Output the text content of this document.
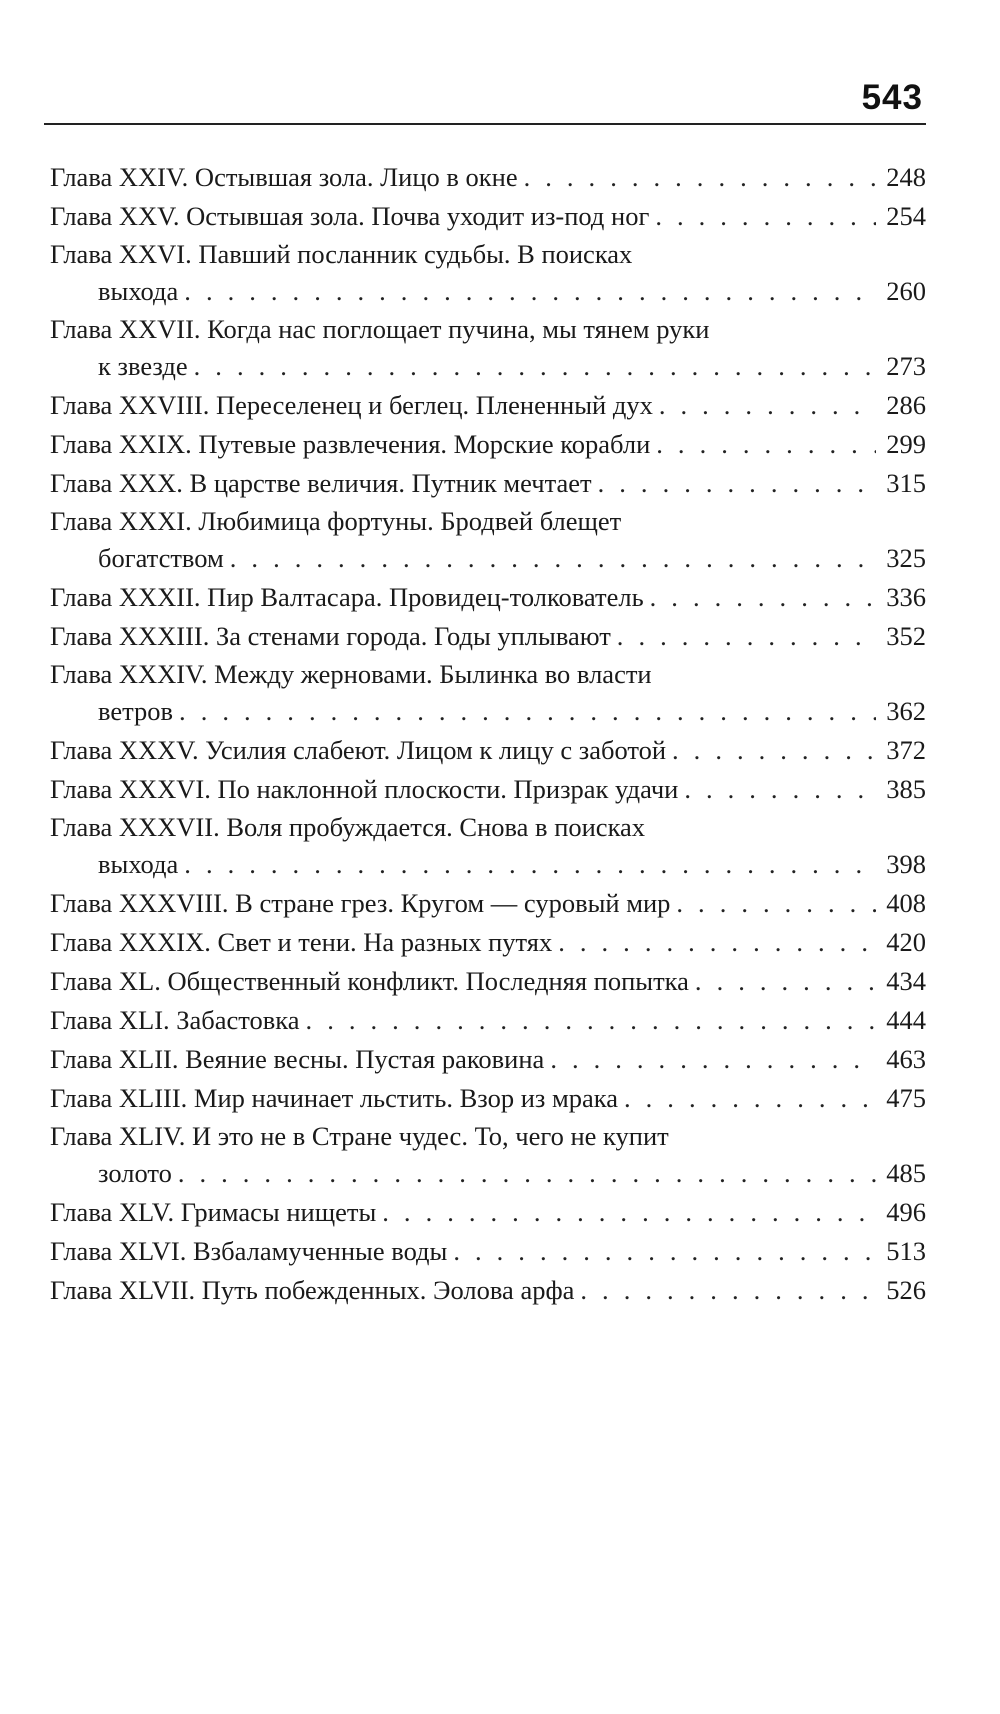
543
Глава XXIV. Остывшая зола. Лицо в окне . . .	248
Глава XXV. Остывшая зола. Почва уходит из-под ног . . .	254
Глава XXVI. Павший посланник судьбы. В поисках
выхода . . .	260
Глава XXVII. Когда нас поглощает пучина, мы тянем руки
к звезде . . .	273
Глава XXVIII. Переселенец и беглец. Плененный дух . . .	286
Глава XXIX. Путевые развлечения. Морские корабли . . .	299
Глава XXX. В царстве величия. Путник мечтает . . .	315
Глава XXXI. Любимица фортуны. Бродвей блещет
богатством . . .	325
Глава XXXII. Пир Валтасара. Провидец-толкователь . . .	336
Глава XXXIII. За стенами города. Годы уплывают . . .	352
Глава XXXIV. Между жерновами. Былинка во власти
ветров . . .	362
Глава XXXV. Усилия слабеют. Лицом к лицу с заботой . . .	372
Глава XXXVI. По наклонной плоскости. Призрак удачи . . .	385
Глава XXXVII. Воля пробуждается. Снова в поисках
выхода . . .	398
Глава XXXVIII. В стране грез. Кругом — суровый мир . . .	408
Глава XXXIX. Свет и тени. На разных путях . . .	420
Глава XL. Общественный конфликт. Последняя попытка . . .	434
Глава XLI. Забастовка . . .	444
Глава XLII. Веяние весны. Пустая раковина . . .	463
Глава XLIII. Мир начинает льстить. Взор из мрака . . .	475
Глава XLIV. И это не в Стране чудес. То, чего не купит
золото . . .	485
Глава XLV. Гримасы нищеты . . .	496
Глава XLVI. Взбаламученные воды . . .	513
Глава XLVII. Путь побежденных. Эолова арфа . . .	526
